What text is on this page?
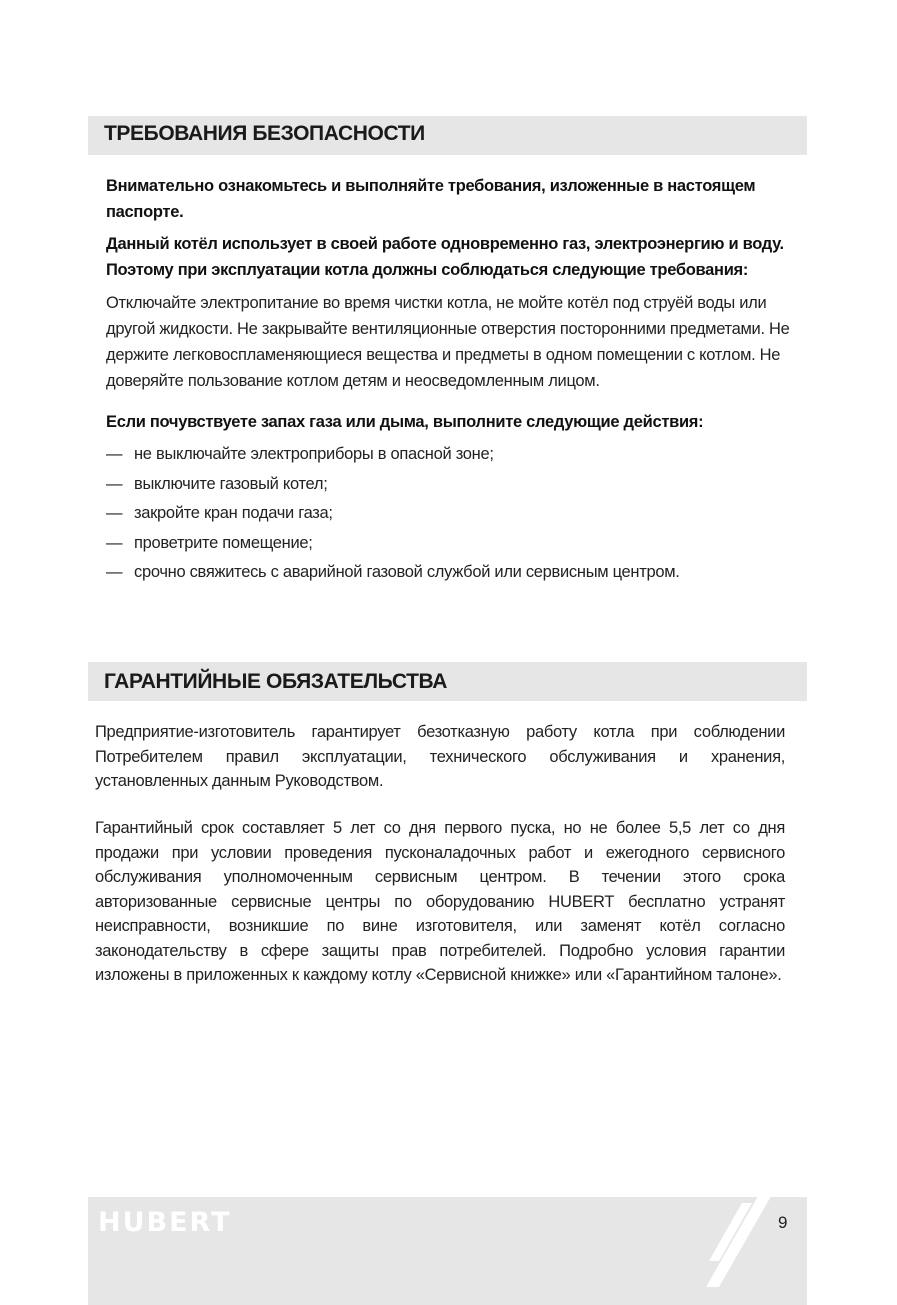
ТРЕБОВАНИЯ БЕЗОПАСНОСТИ
Внимательно ознакомьтесь и выполняйте требования, изложенные в настоящем паспорте.
Данный котёл использует в своей работе одновременно газ, электроэнергию и воду. Поэтому при эксплуатации котла должны соблюдаться следующие требования:
Отключайте электропитание во время чистки котла, не мойте котёл под струёй воды или другой жидкости. Не закрывайте вентиляционные отверстия посторонними предметами. Не держите легковоспламеняющиеся вещества и предметы в одном помещении с котлом. Не доверяйте пользование котлом детям и неосведомленным лицом.
Если почувствуете запах газа или дыма, выполните следующие действия:
— не выключайте электроприборы в опасной зоне;
— выключите газовый котел;
— закройте кран подачи газа;
— проветрите помещение;
— срочно свяжитесь с аварийной газовой службой или сервисным центром.
ГАРАНТИЙНЫЕ ОБЯЗАТЕЛЬСТВА
Предприятие-изготовитель гарантирует безотказную работу котла при соблюдении Потребителем правил эксплуатации, технического обслуживания и хранения, установленных данным Руководством.
Гарантийный срок составляет 5 лет со дня первого пуска, но не более 5,5 лет со дня продажи при условии проведения пусконаладочных работ и ежегодного сервисного обслуживания уполномоченным сервисным центром. В течении этого срока авторизованные сервисные центры по оборудованию HUBERT бесплатно устранят неисправности, возникшие по вине изготовителя, или заменят котёл согласно законодательству в сфере защиты прав потребителей. Подробно условия гарантии изложены в приложенных к каждому котлу «Сервисной книжке» или «Гарантийном талоне».
HUBERT	9
